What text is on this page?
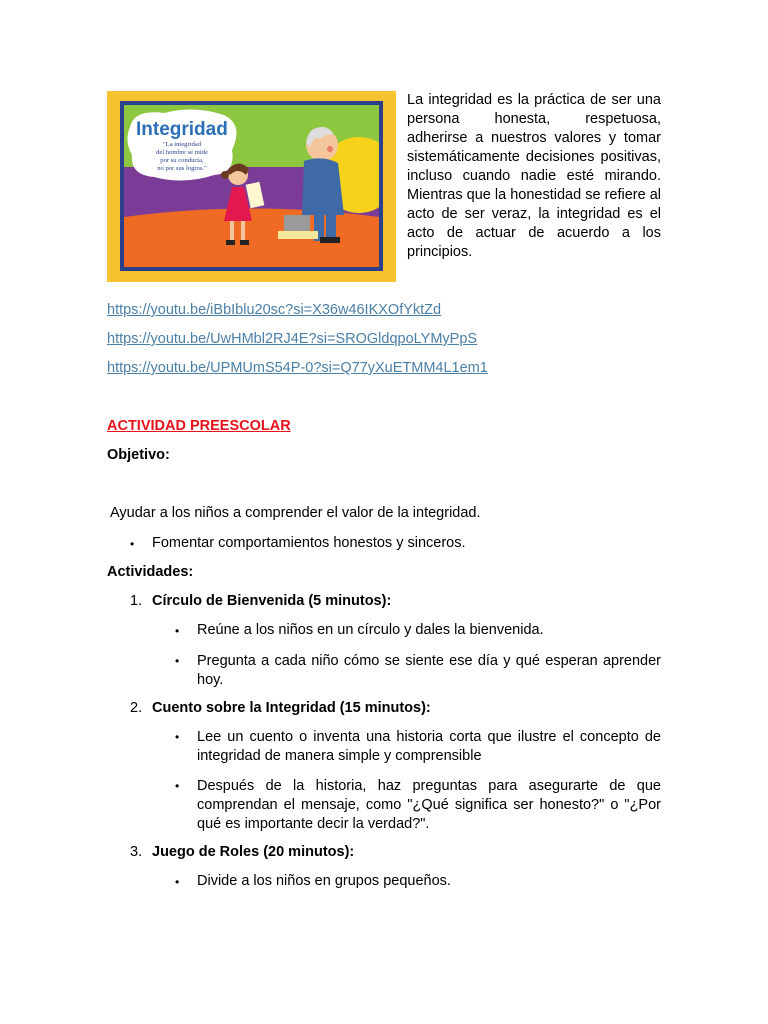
Integridad
"La integridad
del hombre se mide
por su conducta,
no por sus logros."

La integridad es la práctica de ser una persona honesta, respetuosa, adherirse a nuestros valores y tomar sistemáticamente decisiones positivas, incluso cuando nadie esté mirando. Mientras que la honestidad se refiere al acto de ser veraz, la integridad es el acto de actuar de acuerdo a los principios.

https://youtu.be/iBbIblu20sc?si=X36w46IKXOfYktZd
https://youtu.be/UwHMbl2RJ4E?si=SROGldqpoLYMyPpS
https://youtu.be/UPMUmS54P-0?si=Q77yXuETMM4L1em1
ACTIVIDAD PREESCOLAR
Objetivo:
Ayudar a los niños a comprender el valor de la integridad.
• Fomentar comportamientos honestos y sinceros.
Actividades:
1. Círculo de Bienvenida (5 minutos):
• Reúne a los niños en un círculo y dales la bienvenida.
• Pregunta a cada niño cómo se siente ese día y qué esperan aprender hoy.
2. Cuento sobre la Integridad (15 minutos):
• Lee un cuento o inventa una historia corta que ilustre el concepto de integridad de manera simple y comprensible
• Después de la historia, haz preguntas para asegurarte de que comprendan el mensaje, como "¿Qué significa ser honesto?" o "¿Por qué es importante decir la verdad?".
3. Juego de Roles (20 minutos):
• Divide a los niños en grupos pequeños.
